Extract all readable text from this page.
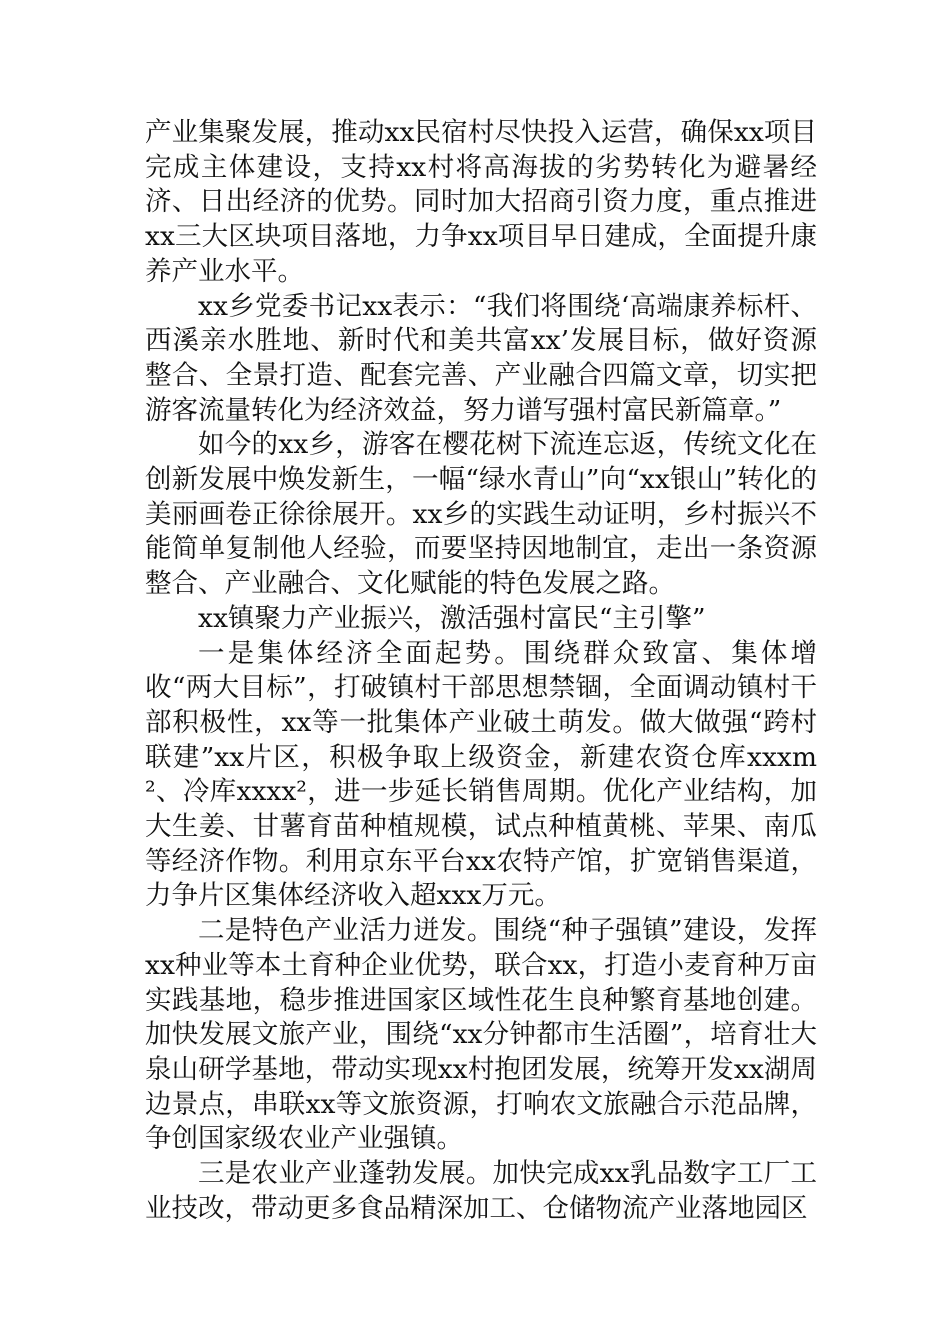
产业集聚发展，推动xx民宿村尽快投入运营，确保xx项目完成主体建设，支持xx村将高海拔的劣势转化为避暑经济、日出经济的优势。同时加大招商引资力度，重点推进xx三大区块项目落地，力争xx项目早日建成，全面提升康养产业水平。

xx乡党委书记xx表示：“我们将围绕‘高端康养标杆、西溪亲水胜地、新时代和美共富xx’发展目标，做好资源整合、全景打造、配套完善、产业融合四篇文章，切实把游客流量转化为经济效益，努力谱写强村富民新篇章。”

如今的xx乡，游客在樱花树下流连忘返，传统文化在创新发展中焕发新生，一幅“绿水青山”向“xx银山”转化的美丽画卷正徐徐展开。xx乡的实践生动证明，乡村振兴不能简单复制他人经验，而要坚持因地制宜，走出一条资源整合、产业融合、文化赋能的特色发展之路。

xx镇聚力产业振兴，激活强村富民“主引擎”

一是集体经济全面起势。围绕群众致富、集体增收“两大目标”，打破镇村干部思想禁锢，全面调动镇村干部积极性，xx等一批集体产业破土萌发。做大做强“跨村联建”xx片区，积极争取上级资金，新建农资仓库xxxm²、冷库xxxx²，进一步延长销售周期。优化产业结构，加大生姜、甘薯育苗种植规模，试点种植黄桃、苹果、南瓜等经济作物。利用京东平台xx农特产馆，扩宽销售渠道，力争片区集体经济收入超xxx万元。

二是特色产业活力迸发。围绕“种子强镇”建设，发挥xx种业等本土育种企业优势，联合xx，打造小麦育种万亩实践基地，稳步推进国家区域性花生良种繁育基地创建。加快发展文旅产业，围绕“xx分钟都市生活圈”，培育壮大泉山研学基地，带动实现xx村抱团发展，统筹开发xx湖周边景点，串联xx等文旅资源，打响农文旅融合示范品牌，争创国家级农业产业强镇。

三是农业产业蓬勃发展。加快完成xx乳品数字工厂工业技改，带动更多食品精深加工、仓储物流产业落地园区
